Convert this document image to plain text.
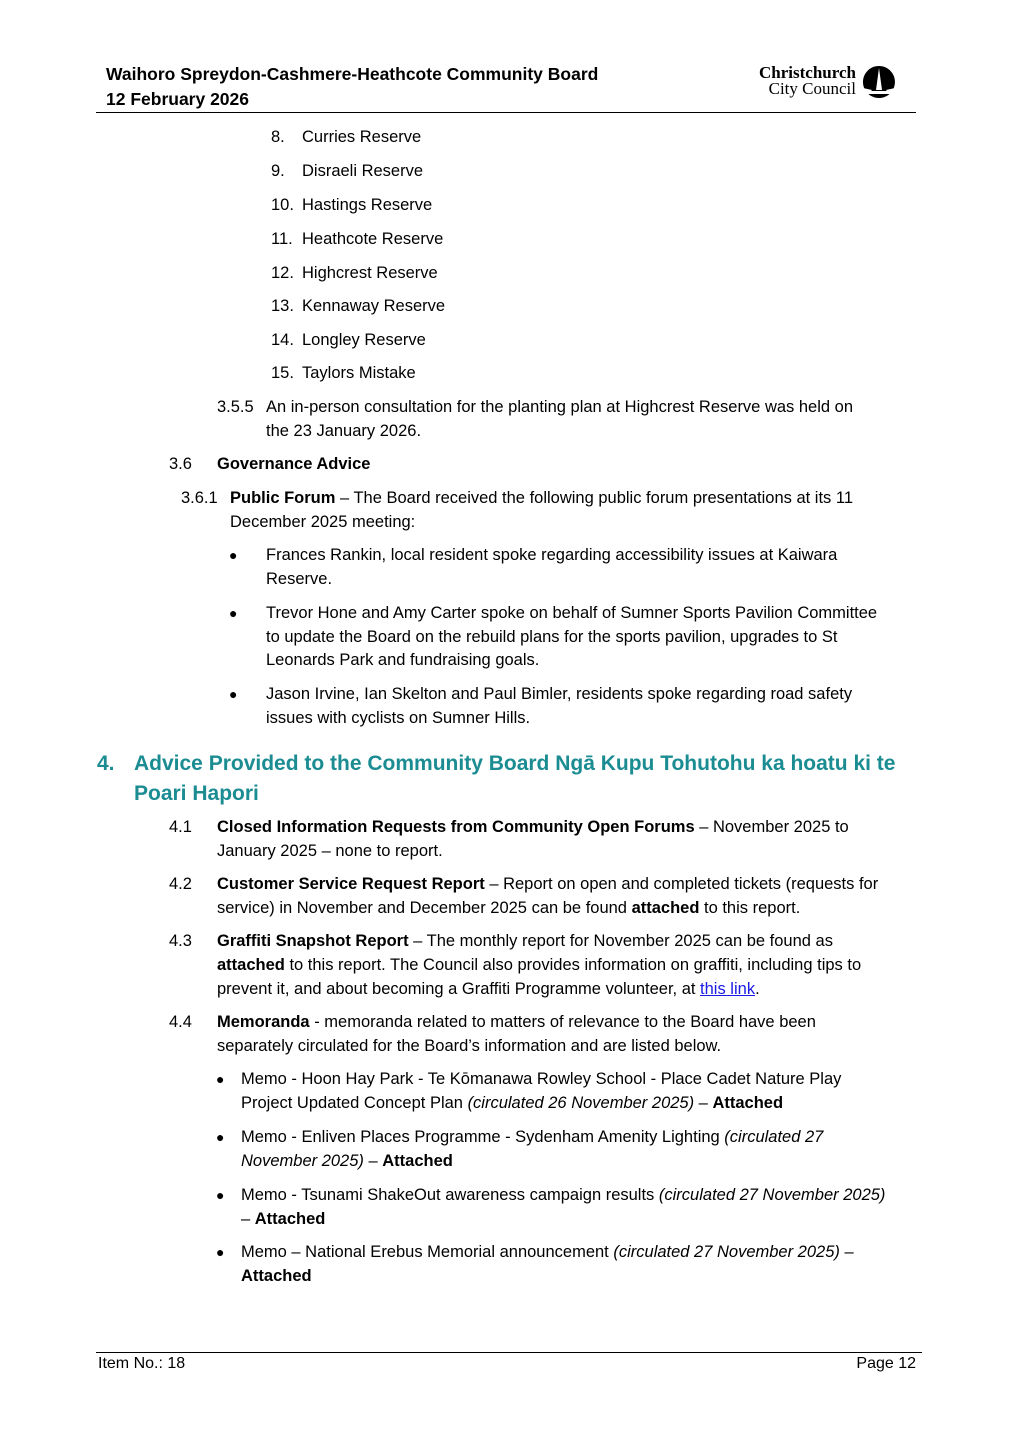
Waihoro Spreydon-Cashmere-Heathcote Community Board
12 February 2026
Christchurch
City Council
8. Curries Reserve
9. Disraeli Reserve
10. Hastings Reserve
11. Heathcote Reserve
12. Highcrest Reserve
13. Kennaway Reserve
14. Longley Reserve
15. Taylors Mistake
3.5.5 An in-person consultation for the planting plan at Highcrest Reserve was held on
the 23 January 2026.
3.6 Governance Advice
3.6.1 Public Forum – The Board received the following public forum presentations at its 11
December 2025 meeting:
● Frances Rankin, local resident spoke regarding accessibility issues at Kaiwara
Reserve.
● Trevor Hone and Amy Carter spoke on behalf of Sumner Sports Pavilion Committee
to update the Board on the rebuild plans for the sports pavilion, upgrades to St
Leonards Park and fundraising goals.
● Jason Irvine, Ian Skelton and Paul Bimler, residents spoke regarding road safety
issues with cyclists on Sumner Hills.
4. Advice Provided to the Community Board Ngā Kupu Tohutohu ka hoatu ki te
Poari Hapori
4.1 Closed Information Requests from Community Open Forums – November 2025 to
January 2025 – none to report.
4.2 Customer Service Request Report – Report on open and completed tickets (requests for
service) in November and December 2025 can be found attached to this report.
4.3 Graffiti Snapshot Report – The monthly report for November 2025 can be found as
attached to this report. The Council also provides information on graffiti, including tips to
prevent it, and about becoming a Graffiti Programme volunteer, at this link.
4.4 Memoranda - memoranda related to matters of relevance to the Board have been
separately circulated for the Board’s information and are listed below.
● Memo - Hoon Hay Park - Te Kōmanawa Rowley School - Place Cadet Nature Play
Project Updated Concept Plan (circulated 26 November 2025) – Attached
● Memo - Enliven Places Programme - Sydenham Amenity Lighting (circulated 27
November 2025) – Attached
● Memo - Tsunami ShakeOut awareness campaign results (circulated 27 November 2025)
– Attached
● Memo – National Erebus Memorial announcement (circulated 27 November 2025) –
Attached
Item No.: 18	Page 12
